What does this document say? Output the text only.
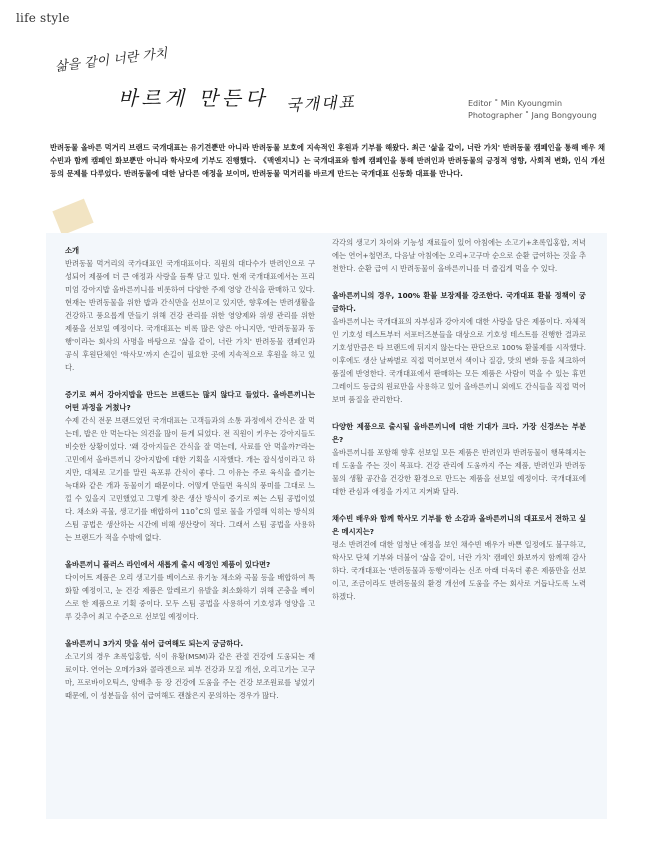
life style
삶을 같이 너란 가치
바르게 만든다 국개대표	Editor ˚ Min Kyoungmin
Photographer ˚ Jang Bongyoung
반려동물 올바른 먹거리 브랜드 국개대표는 유기견뿐만 아니라 반려동물 보호에 지속적인 후원과 기부를 해왔다. 최근 '삶을 같이, 너란 가치' 반려동물 캠페인을 통해 배우 채수빈과 함께 캠페인 화보뿐만 아니라 학사모에 기부도 진행했다. 《맥엔지니》는 국개대표와 함께 캠페인을 통해 반려인과 반려동물의 긍정적 영향, 사회적 변화, 인식 개선 등의 문제를 다루었다. 반려동물에 대한 남다른 애정을 보이며, 반려동물 먹거리를 바르게 만드는 국개대표 신동화 대표를 만나다.

소개

반려동물 먹거리의 국가대표인 국개대표이다. 직원의 대다수가 반려인으로 구성되어 제품에 더 큰 애정과 사랑을 듬뿍 담고 있다. 현재 국개대표에서는 프리미엄 강아지밥 올바른끼니를 비롯하여 다양한 주제 영양 간식을 판매하고 있다. 현재는 반려동물을 위한 밥과 간식만을 선보이고 있지만, 향후에는 반려생활을 건강하고 풍요롭게 만들기 위해 건강 관리를 위한 영양제와 위생 관리를 위한 제품을 선보일 예정이다. 국개대표는 비록 많은 양은 아니지만, '반려동물과 동행'이라는 회사의 사명을 바탕으로 '삶을 같이, 너란 가치' 반려동물 캠페인과 공식 후원단체인 '학사모'까지 손길이 필요한 곳에 지속적으로 후원을 하고 있다.

증기로 쪄서 강아지밥을 만드는 브랜드는 많지 않다고 들었다. 올바른끼니는 어떤 과정을 거쳤나?

수제 간식 전문 브랜드였던 국개대표는 고객들과의 소통 과정에서 간식은 잘 먹는데, 밥은 안 먹는다는 의견을 많이 듣게 되었다. 전 직원이 키우는 강아지들도 비슷한 상황이었다. '왜 강아지들은 간식을 잘 먹는데, 사료를 안 먹을까?'라는 고민에서 올바른끼니 강아지밥에 대한 기획을 시작했다. 개는 잡식성이라고 하지만, 대체로 고기를 말린 육포류 간식이 좋다. 그 이유는 주로 육식을 즐기는 늑대와 같은 개과 동물이기 때문이다. 어떻게 만들면 육식의 풍미를 그대로 느낄 수 있을지 고민했었고 그렇게 찾은 생산 방식이 증기로 찌는 스팀 공법이었다. 채소와 곡물, 생고기를 배합하여 110˚C의 열로 물을 가열해 익히는 방식의 스팀 공법은 생산하는 시간에 비해 생산량이 적다. 그래서 스팀 공법을 사용하는 브랜드가 적을 수밖에 없다.

올바른끼니 플러스 라인에서 새롭게 출시 예정인 제품이 있다면?

다이어트 제품은 오리 생고기를 베이스로 유기농 채소와 곡물 등을 배합하여 특화할 예정이고, 눈 건강 제품은 알레르기 유발을 최소화하기 위해 곤충을 베이스로 한 제품으로 기획 중이다. 모두 스팀 공법을 사용하여 기호성과 영양을 고루 갖추어 최고 수준으로 선보일 예정이다.

올바른끼니 3가지 맛을 섞어 급여해도 되는지 궁금하다.

소고기의 경우 초록입홍합, 식이 유황(MSM)과 같은 관절 건강에 도움되는 재료이다. 연어는 오메가3와 콜라겐으로 피부 건강과 모질 개선, 오리고기는 고구마, 프로바이오틱스, 양배추 등 장 건강에 도움을 주는 건강 보조원료를 넣었기 때문에, 이 성분들을 섞어 급여해도 괜찮은지 문의하는 경우가 많다.

각각의 생고기 차이와 기능성 재료들이 있어 아침에는 소고기+초록입홍합, 저녁에는 연어+철면조, 다음날 아침에는 오리+고구마 순으로 순환 급여하는 것을 추천한다. 순환 급여 시 반려동물이 올바른끼니를 더 즐겁게 먹을 수 있다.

올바른끼니의 경우, 100% 환불 보장제를 강조한다. 국개대표 환불 정책이 궁금하다.

올바른끼니는 국개대표의 자부심과 강아지에 대한 사랑을 담은 제품이다. 자체적인 기호성 테스트부터 서포터즈분들을 대상으로 기호성 테스트를 진행한 결과로 기호성만큼은 타 브랜드에 뒤지지 않는다는 판단으로 100% 환불제를 시작했다. 이후에도 생산 날짜별로 직접 먹어보면서 색이나 질감, 맛의 변화 등을 체크하여 품질에 반영한다. 국개대표에서 판매하는 모든 제품은 사람이 먹을 수 있는 휴먼그레이드 등급의 원료만을 사용하고 있어 올바른끼니 외에도 간식들을 직접 먹어보며 품질을 관리한다.

다양한 제품으로 출시될 올바른끼니에 대한 기대가 크다. 가장 신경쓰는 부분은?

올바른끼니를 포함해 향후 선보일 모든 제품은 반려인과 반려동물이 행복해지는 데 도움을 주는 것이 목표다. 건강 관리에 도움까지 주는 제품, 반려인과 반려동물의 생활 공간을 건강한 환경으로 만드는 제품을 선보일 예정이다. 국개대표에 대한 관심과 애정을 가지고 지켜봐 달라.

채수빈 배우와 함께 학사모 기부를 한 소감과 올바른끼니의 대표로서 전하고 싶은 메시지는?

평소 반려견에 대한 엄청난 애정을 보인 채수빈 배우가 바쁜 일정에도 불구하고, 학사모 단체 기부와 더불어 '삶을 같이, 너란 가치' 캠페인 화보까지 함께해 감사하다. 국개대표는 '반려동물과 동행'이라는 신조 아래 더욱더 좋은 제품만을 선보이고, 조금이라도 반려동물의 환경 개선에 도움을 주는 회사로 거듭나도록 노력하겠다.
